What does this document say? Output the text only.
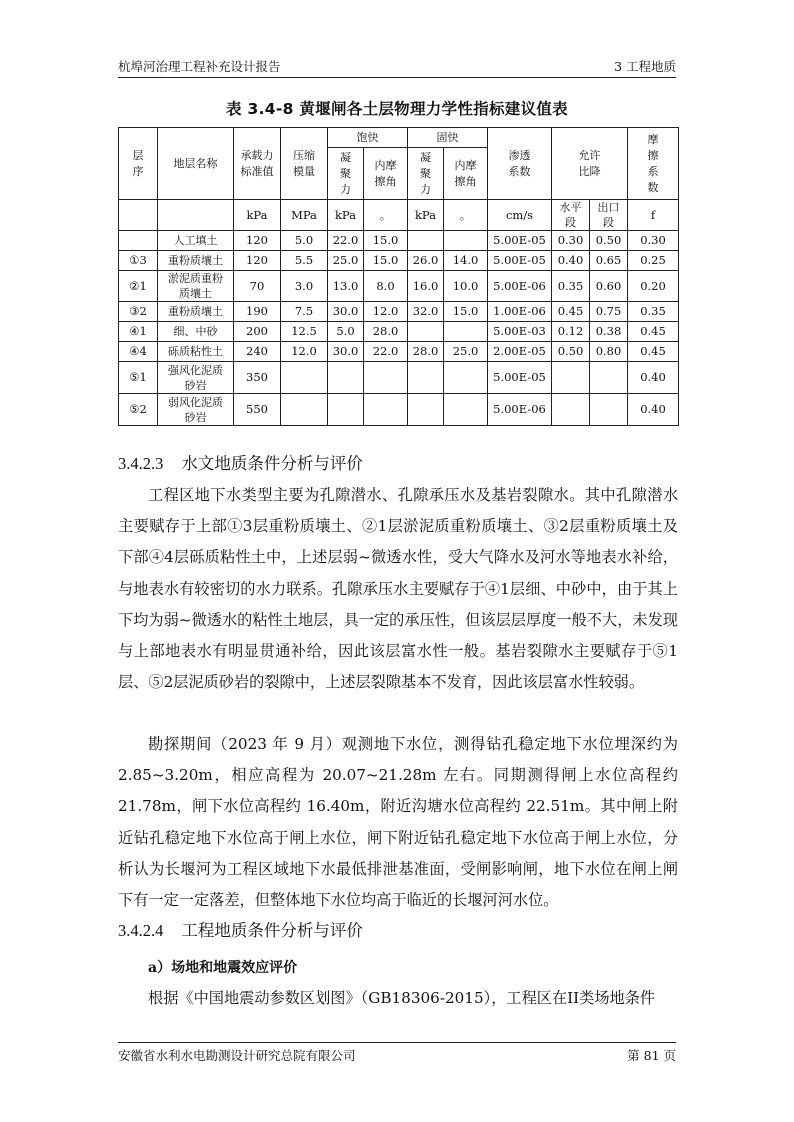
杭埠河治理工程补充设计报告	3 工程地质
表 3.4-8 黄堰闸各土层物理力学性指标建议值表
层序	地层名称	承载力标准值	压缩模量	饱快		固快		渗透系数	允许比降		摩擦系数
				凝聚力	内摩擦角	凝聚力	内摩擦角				
		kPa	MPa	kPa	。	kPa	。	cm/s	水平段	出口段	f
	人工填土	120	5.0	22.0	15.0			5.00E-05	0.30	0.50	0.30
①3	重粉质壤土	120	5.5	25.0	15.0	26.0	14.0	5.00E-05	0.40	0.65	0.25
②1	淤泥质重粉质壤土	70	3.0	13.0	8.0	16.0	10.0	5.00E-06	0.35	0.60	0.20
③2	重粉质壤土	190	7.5	30.0	12.0	32.0	15.0	1.00E-06	0.45	0.75	0.35
④1	细、中砂	200	12.5	5.0	28.0			5.00E-03	0.12	0.38	0.45
④4	砾质粘性土	240	12.0	30.0	22.0	28.0	25.0	2.00E-05	0.50	0.80	0.45
⑤1	强风化泥质砂岩	350						5.00E-05			0.40
⑤2	弱风化泥质砂岩	550						5.00E-06			0.40
3.4.2.3 水文地质条件分析与评价
工程区地下水类型主要为孔隙潜水、孔隙承压水及基岩裂隙水。其中孔隙潜水主要赋存于上部①3层重粉质壤土、②1层淤泥质重粉质壤土、③2层重粉质壤土及下部④4层砾质粘性土中，上述层弱~微透水性，受大气降水及河水等地表水补给，与地表水有较密切的水力联系。孔隙承压水主要赋存于④1层细、中砂中，由于其上下均为弱~微透水的粘性土地层，具一定的承压性，但该层层厚度一般不大，未发现与上部地表水有明显贯通补给，因此该层富水性一般。基岩裂隙水主要赋存于⑤1层、⑤2层泥质砂岩的裂隙中，上述层裂隙基本不发育，因此该层富水性较弱。
勘探期间（2023 年 9 月）观测地下水位，测得钻孔稳定地下水位埋深约为2.85~3.20m，相应高程为 20.07~21.28m 左右。同期测得闸上水位高程约 21.78m，闸下水位高程约 16.40m，附近沟塘水位高程约 22.51m。其中闸上附近钻孔稳定地下水位高于闸上水位，闸下附近钻孔稳定地下水位高于闸上水位，分析认为长堰河为工程区域地下水最低排泄基准面，受闸影响闸，地下水位在闸上闸下有一定一定落差，但整体地下水位均高于临近的长堰河河水位。
3.4.2.4 工程地质条件分析与评价
a）场地和地震效应评价
根据《中国地震动参数区划图》（GB18306-2015），工程区在II类场地条件
安徽省水利水电勘测设计研究总院有限公司	第 81 页
